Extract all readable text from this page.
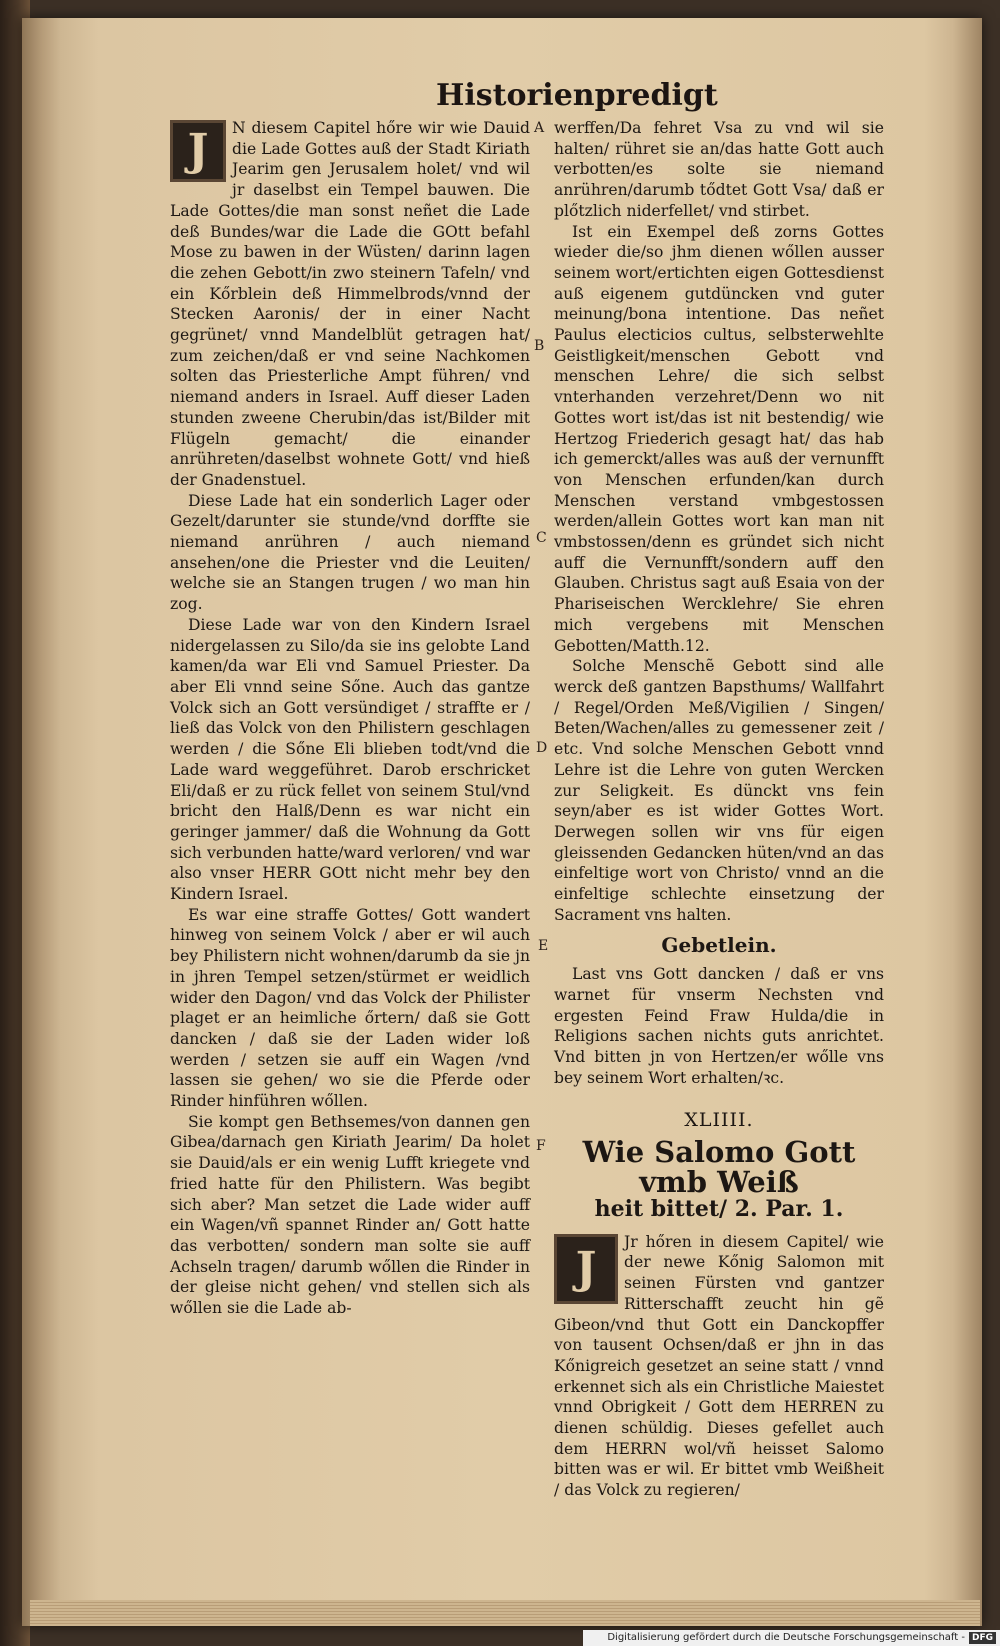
Historienpredigt
A
B
C
D
E
F
J	N diesem Capitel hőre wir wie Dauid die Lade Gottes auß der Stadt Kiriath Jearim gen Jerusalem holet/ vnd wil jr daselbst ein Tempel bauwen. Die Lade Gottes/die man sonst neñet die Lade deß Bundes/war die Lade die GOtt befahl Mose zu bawen in der Wüsten/ darinn lagen die zehen Gebott/in zwo steinern Tafeln/ vnd ein Kőrblein deß Himmelbrods/vnnd der Stecken Aaronis/ der in einer Nacht gegrünet/ vnnd Mandelblüt getragen hat/ zum zeichen/daß er vnd seine Nachkomen solten das Priesterliche Ampt führen/ vnd niemand anders in Israel. Auff dieser Laden stunden zweene Cherubin/das ist/Bilder mit Flügeln gemacht/ die einander anrühreten/daselbst wohnete Gott/ vnd hieß der Gnadenstuel.

Diese Lade hat ein sonderlich Lager oder Gezelt/darunter sie stunde/vnd dorffte sie niemand anrühren / auch niemand ansehen/one die Priester vnd die Leuiten/ welche sie an Stangen trugen / wo man hin zog.

Diese Lade war von den Kindern Israel nidergelassen zu Silo/da sie ins gelobte Land kamen/da war Eli vnd Samuel Priester. Da aber Eli vnnd seine Sőne. Auch das gantze Volck sich an Gott versündiget / straffte er / ließ das Volck von den Philistern geschlagen werden / die Sőne Eli blieben todt/vnd die Lade ward weggeführet. Darob erschricket Eli/daß er zu rück fellet von seinem Stul/vnd bricht den Halß/Denn es war nicht ein geringer jammer/ daß die Wohnung da Gott sich verbunden hatte/ward verloren/ vnd war also vnser HERR GOtt nicht mehr bey den Kindern Israel.

Es war eine straffe Gottes/ Gott wandert hinweg von seinem Volck / aber er wil auch bey Philistern nicht wohnen/darumb da sie jn in jhren Tempel setzen/stürmet er weidlich wider den Dagon/ vnd das Volck der Philister plaget er an heimliche őrtern/ daß sie Gott dancken / daß sie der Laden wider loß werden / setzen sie auff ein Wagen /vnd lassen sie gehen/ wo sie die Pferde oder Rinder hinführen wőllen.

Sie kompt gen Bethsemes/von dannen gen Gibea/darnach gen Kiriath Jearim/ Da holet sie Dauid/als er ein wenig Lufft kriegete vnd fried hatte für den Philistern. Was begibt sich aber? Man setzet die Lade wider auff ein Wagen/vñ spannet Rinder an/ Gott hatte das verbotten/ sondern man solte sie auff Achseln tragen/ darumb wőllen die Rinder in der gleise nicht gehen/ vnd stellen sich als wőllen sie die Lade ab-

werffen/Da fehret Vsa zu vnd wil sie halten/ rühret sie an/das hatte Gott auch verbotten/es solte sie niemand anrühren/darumb tődtet Gott Vsa/ daß er plőtzlich niderfellet/ vnd stirbet.

Ist ein Exempel deß zorns Gottes wieder die/so jhm dienen wőllen ausser seinem wort/ertichten eigen Gottesdienst auß eigenem gutdüncken vnd guter meinung/bona intentione. Das neñet Paulus electicios cultus, selbsterwehlte Geistligkeit/menschen Gebott vnd menschen Lehre/ die sich selbst vnterhanden verzehret/Denn wo nit Gottes wort ist/das ist nit bestendig/ wie Hertzog Friederich gesagt hat/ das hab ich gemerckt/alles was auß der vernunfft von Menschen erfunden/kan durch Menschen verstand vmbgestossen werden/allein Gottes wort kan man nit vmbstossen/denn es gründet sich nicht auff die Vernunfft/sondern auff den Glauben. Christus sagt auß Esaia von der Phariseischen Wercklehre/ Sie ehren mich vergebens mit Menschen Gebotten/Matth.12.

Solche Menschẽ Gebott sind alle werck deß gantzen Bapsthums/ Wallfahrt / Regel/Orden Meß/Vigilien / Singen/ Beten/Wachen/alles zu gemessener zeit / etc. Vnd solche Menschen Gebott vnnd Lehre ist die Lehre von guten Wercken zur Seligkeit. Es dünckt vns fein seyn/aber es ist wider Gottes Wort. Derwegen sollen wir vns für eigen gleissenden Gedancken hüten/vnd an das einfeltige wort von Christo/ vnnd an die einfeltige schlechte einsetzung der Sacrament vns halten.

Gebetlein.

Last vns Gott dancken / daß er vns warnet für vnserm Nechsten vnd ergesten Feind Fraw Hulda/die in Religions sachen nichts guts anrichtet. Vnd bitten jn von Hertzen/er wőlle vns bey seinem Wort erhalten/ꝛc.

XLIIII.
Wie Salomo Gott vmb Weiß
heit bittet/ 2. Par. 1.
J

Jr hőren in diesem Capitel/ wie der newe Kőnig Salomon mit seinen Fürsten vnd gantzer Ritterschafft zeucht hin gẽ Gibeon/vnd thut Gott ein Danckopffer von tausent Ochsen/daß er jhn in das Kőnigreich gesetzet an seine statt / vnnd erkennet sich als ein Christliche Maiestet vnnd Obrigkeit / Gott dem HERREN zu dienen schüldig. Dieses gefellet auch dem HERRN wol/vñ heisset Salomo bitten was er wil. Er bittet vmb Weißheit / das Volck zu regieren/

Digitalisierung gefördert durch die Deutsche Forschungsgemeinschaft - DFG
